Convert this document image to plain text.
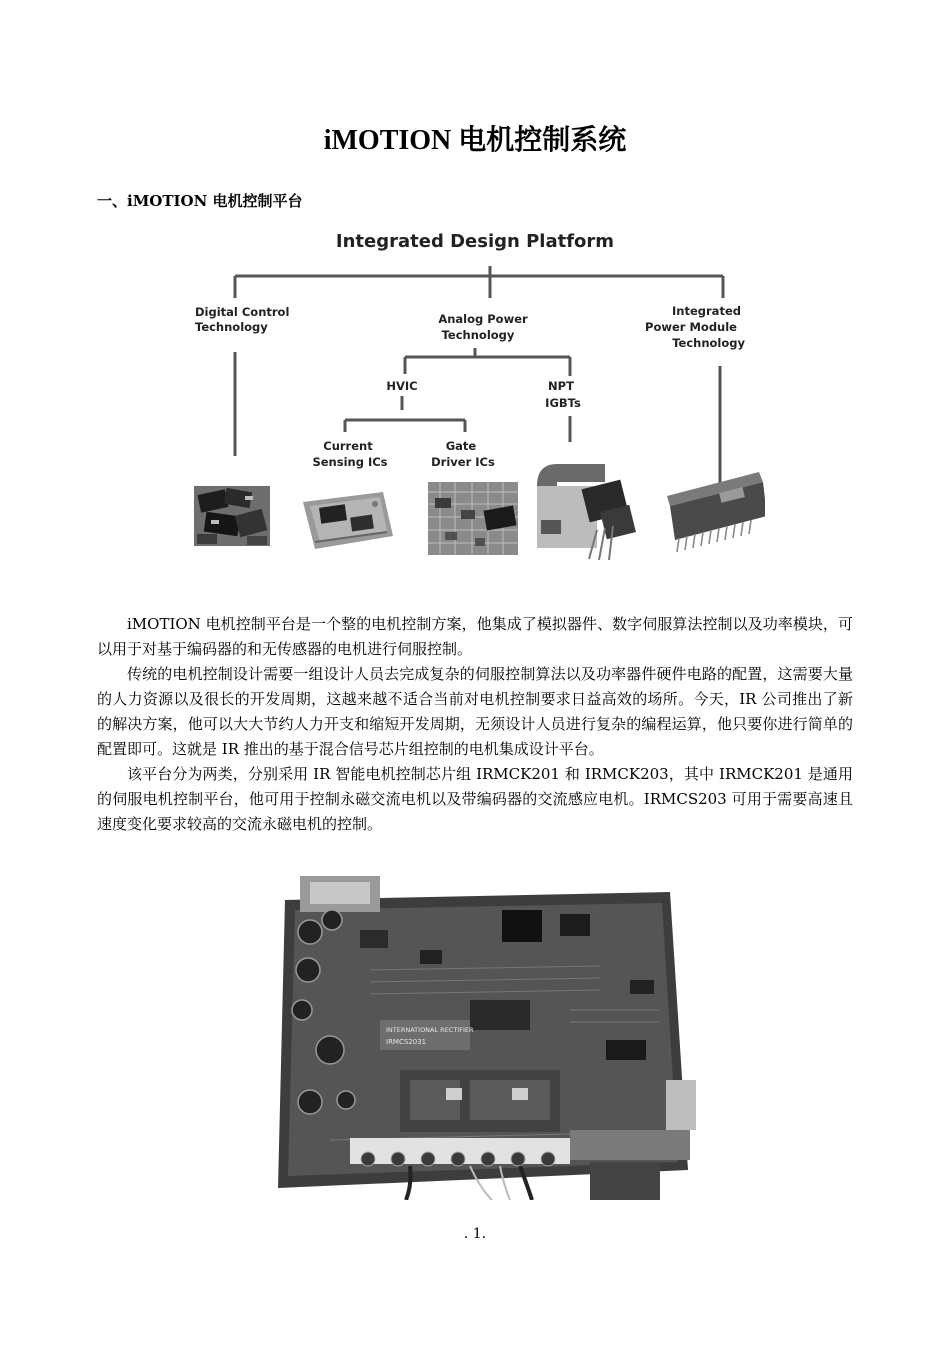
iMOTION 电机控制系统
一、iMOTION 电机控制平台
Integrated Design Platform
Digital Control Technology
Analog Power Technology
Integrated Power Module Technology
HVIC	NPT IGBTs
Current Sensing ICs
Gate Driver ICs

iMOTION 电机控制平台是一个整的电机控制方案，他集成了模拟器件、数字伺服算法控制以及功率模块，可以用于对基于编码器的和无传感器的电机进行伺服控制。

传统的电机控制设计需要一组设计人员去完成复杂的伺服控制算法以及功率器件硬件电路的配置，这需要大量的人力资源以及很长的开发周期，这越来越不适合当前对电机控制要求日益高效的场所。今天，IR 公司推出了新的解决方案，他可以大大节约人力开支和缩短开发周期，无须设计人员进行复杂的编程运算，他只要你进行简单的配置即可。这就是 IR 推出的基于混合信号芯片组控制的电机集成设计平台。

该平台分为两类，分别采用 IR 智能电机控制芯片组 IRMCK201 和 IRMCK203，其中 IRMCK201 是通用的伺服电机控制平台，他可用于控制永磁交流电机以及带编码器的交流感应电机。IRMCS203 可用于需要高速且速度变化要求较高的交流永磁电机的控制。

INTERNATIONAL RECTIFIER
IRMCS2031
. 1.
